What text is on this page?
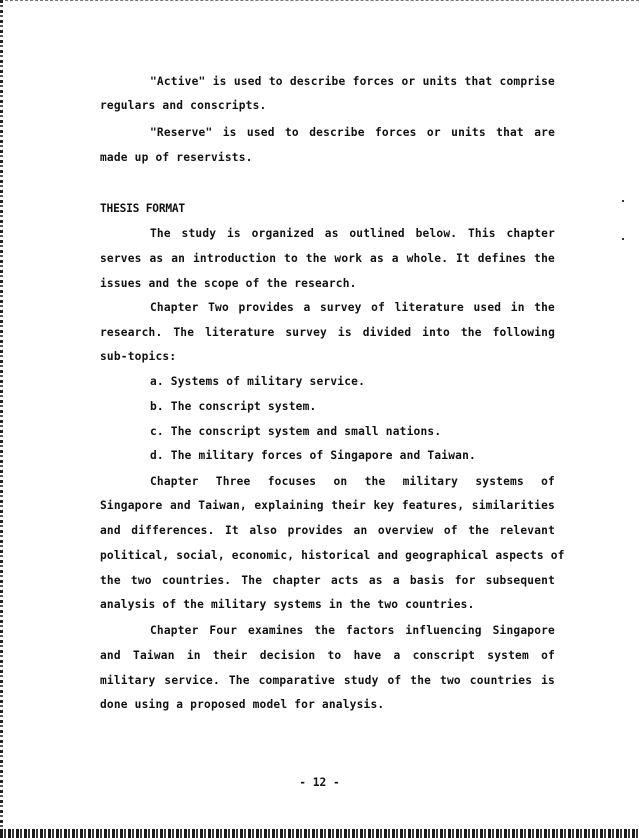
"Active" is used to describe forces or units that comprise
regulars and conscripts.
"Reserve" is used to describe forces or units that are
made up of reservists.
THESIS FORMAT
The study is organized as outlined below. This chapter
serves as an introduction to the work as a whole. It defines the
issues and the scope of the research.
Chapter Two provides a survey of literature used in the
research. The literature survey is divided into the following
sub-topics:
a. Systems of military service.
b. The conscript system.
c. The conscript system and small nations.
d. The military forces of Singapore and Taiwan.
Chapter Three focuses on the military systems of
Singapore and Taiwan, explaining their key features, similarities
and differences. It also provides an overview of the relevant
political, social, economic, historical and geographical aspects of
the two countries. The chapter acts as a basis for subsequent
analysis of the military systems in the two countries.
Chapter Four examines the factors influencing Singapore
and Taiwan in their decision to have a conscript system of
military service. The comparative study of the two countries is
done using a proposed model for analysis.
- 12 -
